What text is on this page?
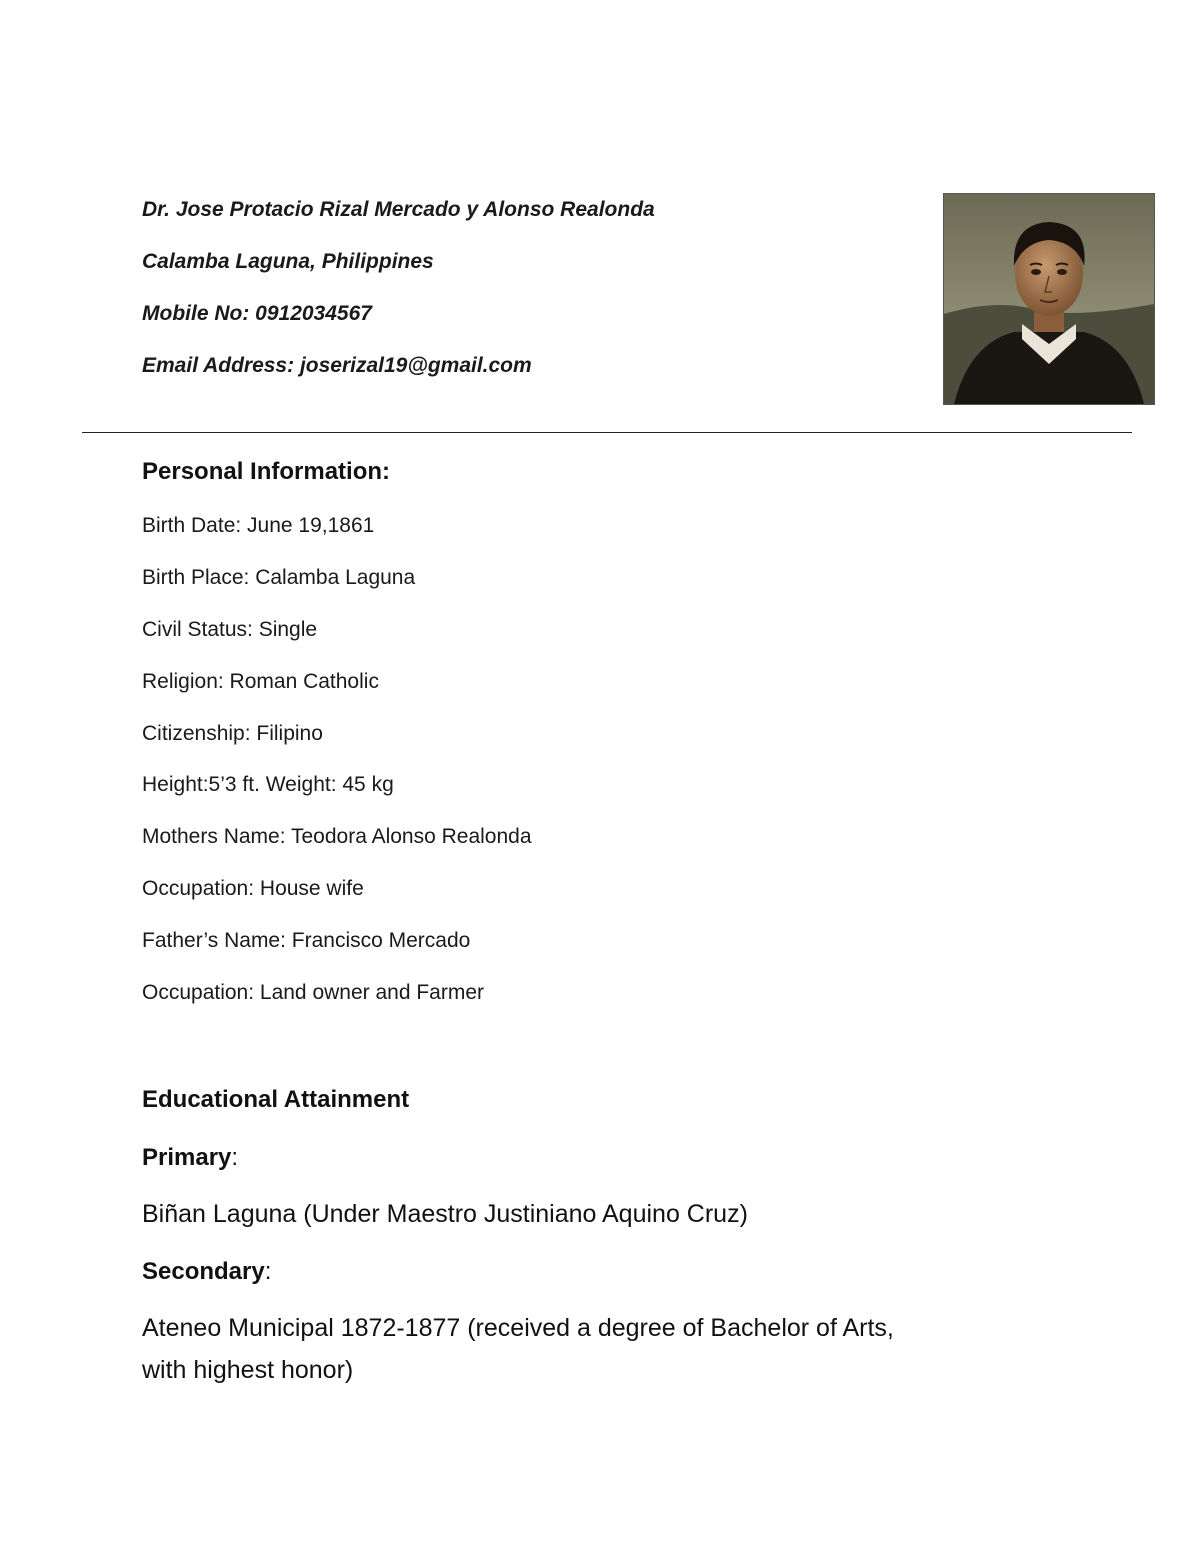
Dr. Jose Protacio Rizal Mercado y Alonso Realonda
Calamba Laguna, Philippines
Mobile No: 0912034567
Email Address: joserizal19@gmail.com
Personal Information:
Birth Date: June 19,1861
Birth Place: Calamba Laguna
Civil Status: Single
Religion: Roman Catholic
Citizenship: Filipino
Height:5’3 ft. Weight: 45 kg
Mothers Name: Teodora Alonso Realonda
Occupation: House wife
Father’s Name: Francisco Mercado
Occupation: Land owner and Farmer
Educational Attainment
Primary:
Biñan Laguna (Under Maestro Justiniano Aquino Cruz)
Secondary:
Ateneo Municipal 1872-1877 (received a degree of Bachelor of Arts,
with highest honor)
